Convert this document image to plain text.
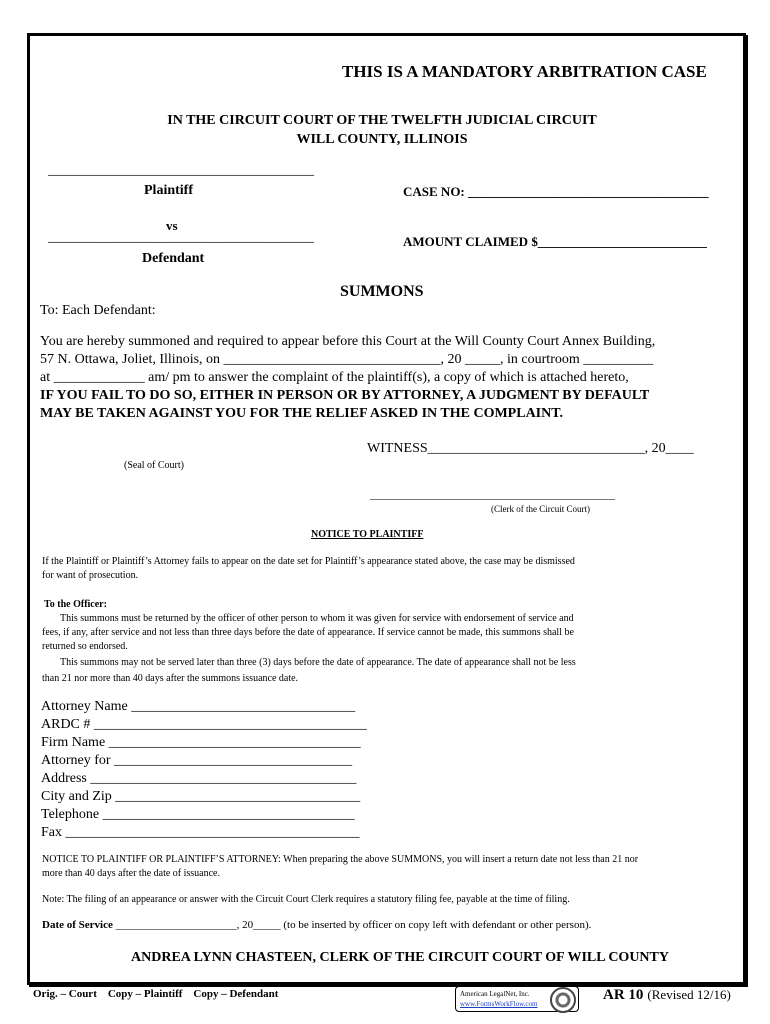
THIS IS A MANDATORY ARBITRATION CASE
IN THE CIRCUIT COURT OF THE TWELFTH JUDICIAL CIRCUIT
WILL COUNTY, ILLINOIS
______________________________________
Plaintiff	CASE NO: _____________________________________
vs
______________________________________	AMOUNT CLAIMED $__________________________
Defendant
SUMMONS
To: Each Defendant:
You are hereby summoned and required to appear before this Court at the Will County Court Annex Building,
57 N. Ottawa, Joliet, Illinois, on _______________________________, 20 _____, in courtroom __________
at _____________ am/ pm to answer the complaint of the plaintiff(s), a copy of which is attached hereto,
IF YOU FAIL TO DO SO, EITHER IN PERSON OR BY ATTORNEY, A JUDGMENT BY DEFAULT
MAY BE TAKEN AGAINST YOU FOR THE RELIEF ASKED IN THE COMPLAINT.
WITNESS_______________________________, 20____
(Seal of Court)
_________________________________________________
(Clerk of the Circuit Court)
NOTICE TO PLAINTIFF
If the Plaintiff or Plaintiff’s Attorney fails to appear on the date set for Plaintiff’s appearance stated above, the case may be dismissed
for want of prosecution.
To the Officer:
This summons must be returned by the officer of other person to whom it was given for service with endorsement of service and
fees, if any, after service and not less than three days before the date of appearance. If service cannot be made, this summons shall be
returned so endorsed.
This summons may not be served later than three (3) days before the date of appearance. The date of appearance shall not be less
than 21 nor more than 40 days after the summons issuance date.
Attorney Name ________________________________
ARDC # _______________________________________
Firm Name ____________________________________
Attorney for __________________________________
Address ______________________________________
City and Zip ___________________________________
Telephone ____________________________________
Fax __________________________________________
NOTICE TO PLAINTIFF OR PLAINTIFF’S ATTORNEY: When preparing the above SUMMONS, you will insert a return date not less than 21 nor
more than 40 days after the date of issuance.
Note: The filing of an appearance or answer with the Circuit Court Clerk requires a statutory filing fee, payable at the time of filing.
Date of Service ______________________, 20_____ (to be inserted by officer on copy left with defendant or other person).
ANDREA LYNN CHASTEEN, CLERK OF THE CIRCUIT COURT OF WILL COUNTY
Orig. – Court    Copy – Plaintiff    Copy – Defendant	American LegalNet, Inc.
www.FormsWorkFlow.com
AR 10 (Revised 12/16)
